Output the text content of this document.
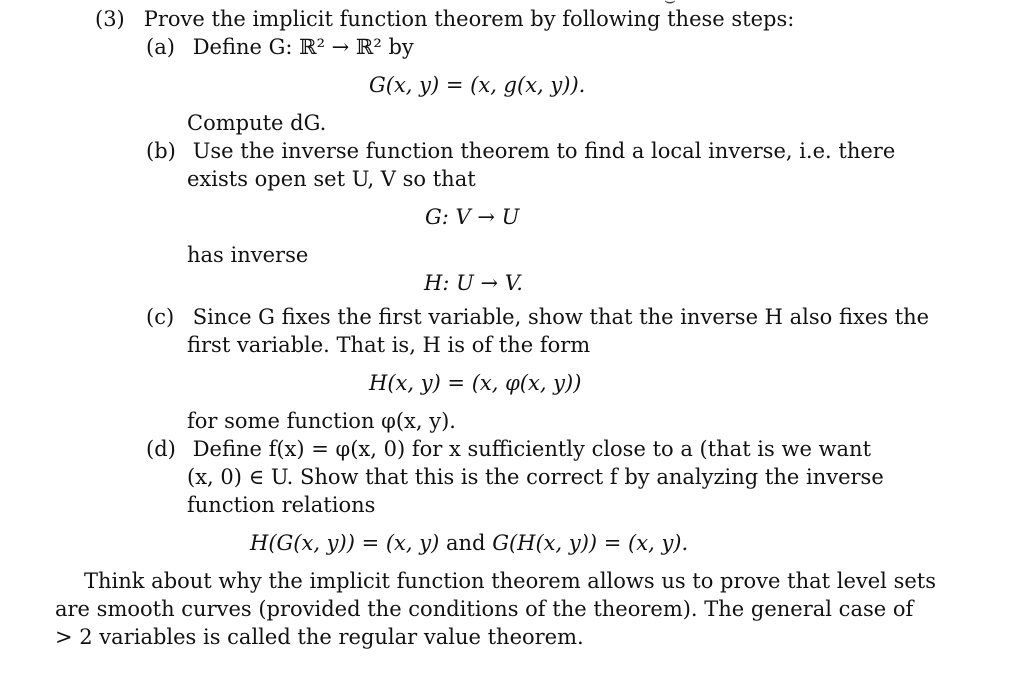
⌣
(3) Prove the implicit function theorem by following these steps:
(a) Define G: ℝ² → ℝ² by
G(x, y) = (x, g(x, y)).
Compute dG.
(b) Use the inverse function theorem to find a local inverse, i.e. there
exists open set U, V so that
G: V → U
has inverse
H: U → V.
(c) Since G fixes the first variable, show that the inverse H also fixes the
first variable. That is, H is of the form
H(x, y) = (x, φ(x, y))
for some function φ(x, y).
(d) Define f(x) = φ(x, 0) for x sufficiently close to a (that is we want
(x, 0) ∈ U. Show that this is the correct f by analyzing the inverse
function relations
H(G(x, y)) = (x, y) and G(H(x, y)) = (x, y).
Think about why the implicit function theorem allows us to prove that level sets
are smooth curves (provided the conditions of the theorem). The general case of
> 2 variables is called the regular value theorem.
